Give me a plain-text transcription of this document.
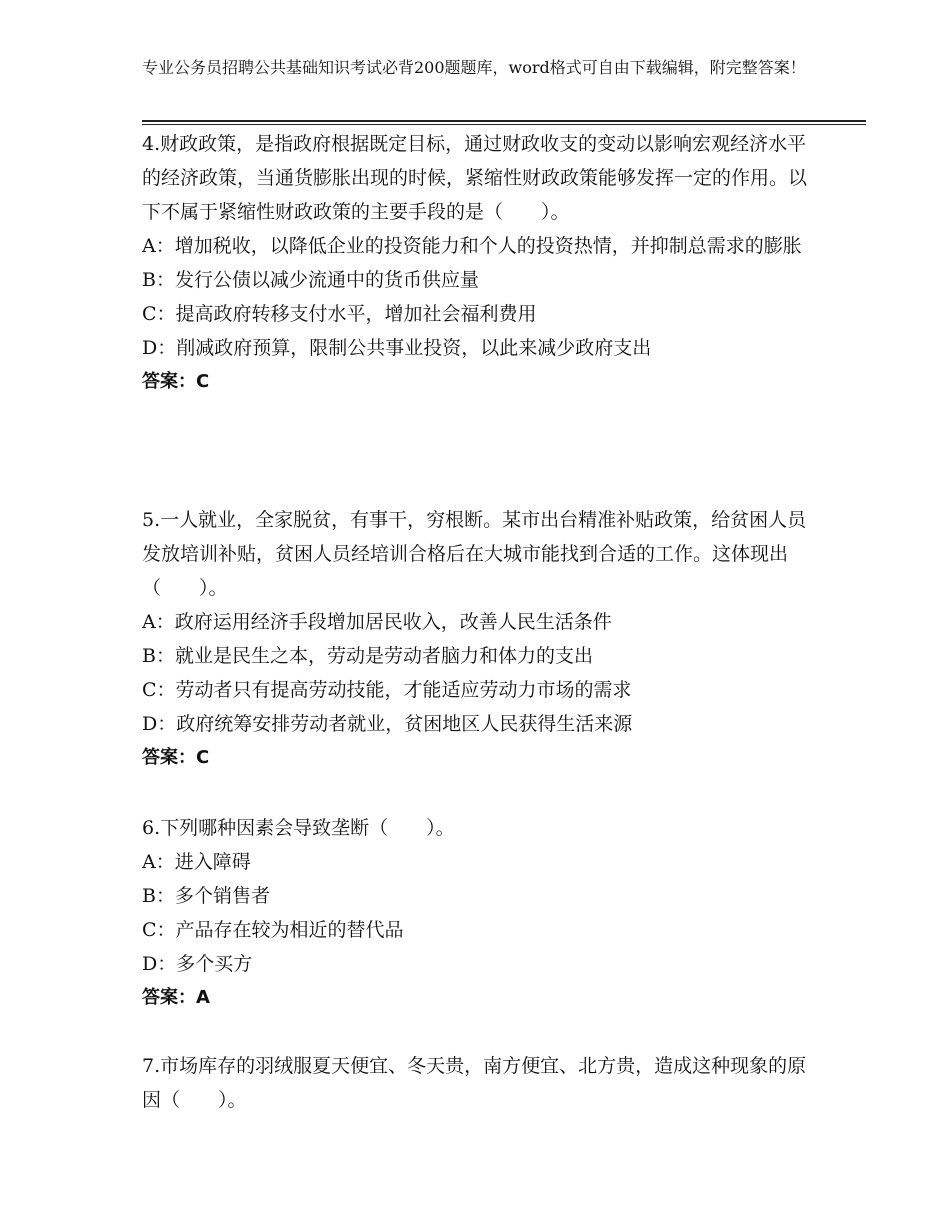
专业公务员招聘公共基础知识考试必背200题题库，word格式可自由下载编辑，附完整答案！

4.财政政策，是指政府根据既定目标，通过财政收支的变动以影响宏观经济水平的经济政策，当通货膨胀出现的时候，紧缩性财政政策能够发挥一定的作用。以下不属于紧缩性财政政策的主要手段的是（　　）。

A：增加税收，以降低企业的投资能力和个人的投资热情，并抑制总需求的膨胀

B：发行公债以减少流通中的货币供应量

C：提高政府转移支付水平，增加社会福利费用

D：削减政府预算，限制公共事业投资，以此来减少政府支出

答案：C

5.一人就业，全家脱贫，有事干，穷根断。某市出台精准补贴政策，给贫困人员发放培训补贴，贫困人员经培训合格后在大城市能找到合适的工作。这体现出（　　）。

A：政府运用经济手段增加居民收入，改善人民生活条件

B：就业是民生之本，劳动是劳动者脑力和体力的支出

C：劳动者只有提高劳动技能，才能适应劳动力市场的需求

D：政府统筹安排劳动者就业，贫困地区人民获得生活来源

答案：C

6.下列哪种因素会导致垄断（　　）。

A：进入障碍

B：多个销售者

C：产品存在较为相近的替代品

D：多个买方

答案：A

7.市场库存的羽绒服夏天便宜、冬天贵，南方便宜、北方贵，造成这种现象的原因（　　）。
